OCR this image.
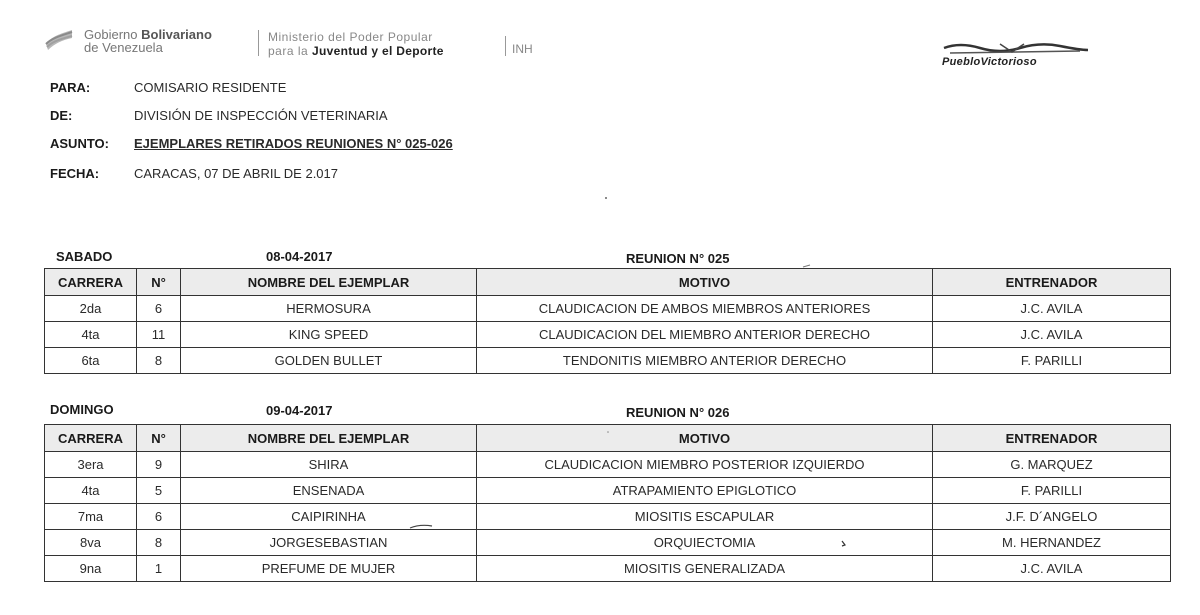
Gobierno Bolivariano
de Venezuela
Ministerio del Poder Popular
para la Juventud y el Deporte	INH
PuebloVictorioso
PARA:	COMISARIO RESIDENTE
DE:	DIVISIÓN DE INSPECCIÓN VETERINARIA
ASUNTO: EJEMPLARES RETIRADOS REUNIONES N° 025-026
FECHA:	CARACAS, 07 DE ABRIL DE 2.017
SABADO	08-04-2017	REUNION N° 025
CARRERA	N°	NOMBRE DEL EJEMPLAR	MOTIVO	ENTRENADOR
2da	6	HERMOSURA	CLAUDICACION DE AMBOS MIEMBROS ANTERIORES	J.C. AVILA
4ta	11	KING SPEED	CLAUDICACION DEL MIEMBRO ANTERIOR DERECHO	J.C. AVILA
6ta	8	GOLDEN BULLET	TENDONITIS MIEMBRO ANTERIOR DERECHO	F. PARILLI
DOMINGO	09-04-2017	REUNION N° 026
CARRERA	N°	NOMBRE DEL EJEMPLAR	MOTIVO	ENTRENADOR
3era	9	SHIRA	CLAUDICACION MIEMBRO POSTERIOR IZQUIERDO	G. MARQUEZ
4ta	5	ENSENADA	ATRAPAMIENTO EPIGLOTICO	F. PARILLI
7ma	6	CAIPIRINHA	MIOSITIS ESCAPULAR	J.F. D´ANGELO
8va	8	JORGESEBASTIAN	ORQUIECTOMIA	M. HERNANDEZ
9na	1	PREFUME DE MUJER	MIOSITIS GENERALIZADA	J.C. AVILA
